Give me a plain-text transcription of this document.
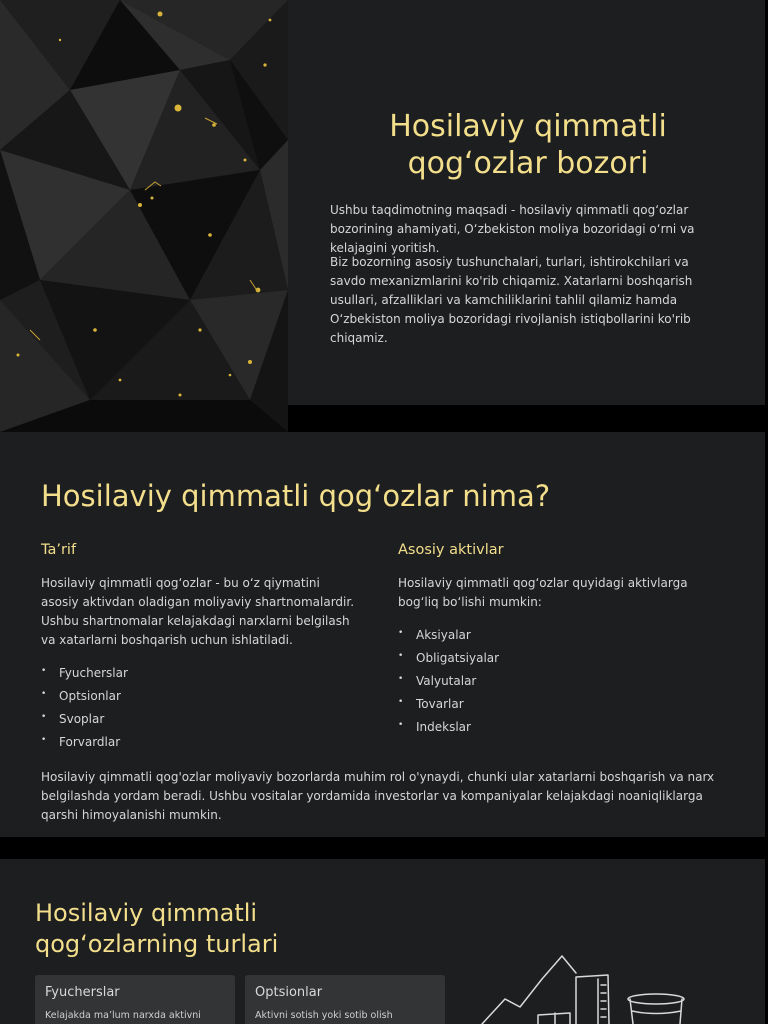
Hosilaviy qimmatli qog‘ozlar bozori

Ushbu taqdimotning maqsadi - hosilaviy qimmatli qog‘ozlar bozorining ahamiyati, O‘zbekiston moliya bozoridagi o‘rni va kelajagini yoritish.

Biz bozorning asosiy tushunchalari, turlari, ishtirokchilari va savdo mexanizmlarini ko'rib chiqamiz. Xatarlarni boshqarish usullari, afzalliklari va kamchiliklarini tahlil qilamiz hamda O‘zbekiston moliya bozoridagi rivojlanish istiqbollarini ko'rib chiqamiz.

Hosilaviy qimmatli qog‘ozlar nima?
Ta’rif

Hosilaviy qimmatli qog‘ozlar - bu o‘z qiymatini asosiy aktivdan oladigan moliyaviy shartnomalardir. Ushbu shartnomalar kelajakdagi narxlarni belgilash va xatarlarni boshqarish uchun ishlatiladi.

• Fyucherslar
• Optsionlar
• Svoplar
• Forvardlar
Asosiy aktivlar

Hosilaviy qimmatli qog‘ozlar quyidagi aktivlarga bog‘liq bo‘lishi mumkin:

• Aksiyalar
• Obligatsiyalar
• Valyutalar
• Tovarlar
• Indekslar

Hosilaviy qimmatli qog'ozlar moliyaviy bozorlarda muhim rol o'ynaydi, chunki ular xatarlarni boshqarish va narx belgilashda yordam beradi. Ushbu vositalar yordamida investorlar va kompaniyalar kelajakdagi noaniqliklarga qarshi himoyalanishi mumkin.

Hosilaviy qimmatli
qog‘ozlarning turlari
Fyucherslar
Kelajakda ma’lum narxda aktivni
Optsionlar
Aktivni sotish yoki sotib olish
